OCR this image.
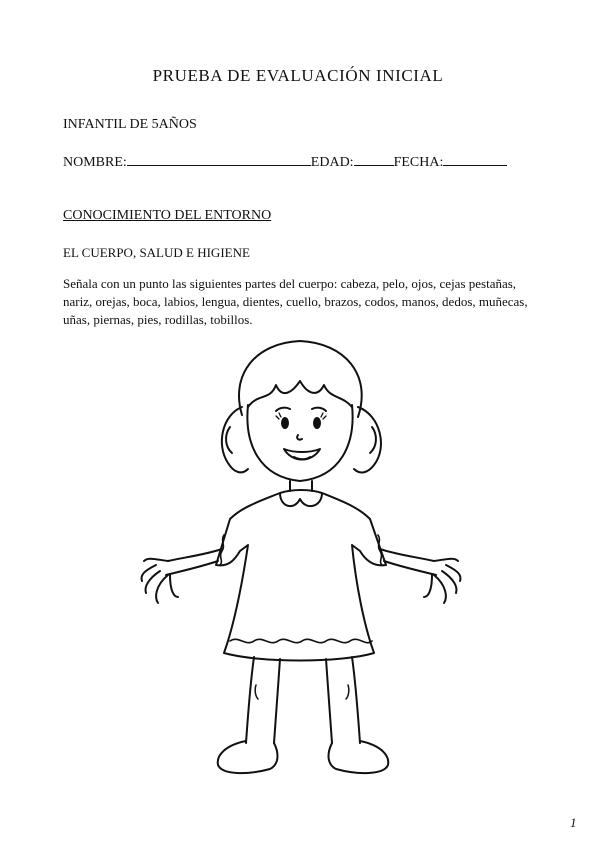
PRUEBA DE EVALUACIÓN INICIAL
INFANTIL DE 5AÑOS
NOMBRE:	EDAD:	FECHA:
CONOCIMIENTO DEL ENTORNO
EL CUERPO, SALUD E HIGIENE
Señala con un punto las siguientes partes del cuerpo: cabeza, pelo, ojos, cejas pestañas, nariz, orejas, boca, labios, lengua, dientes, cuello, brazos, codos, manos, dedos, muñecas, uñas, piernas, pies, rodillas, tobillos.
1
